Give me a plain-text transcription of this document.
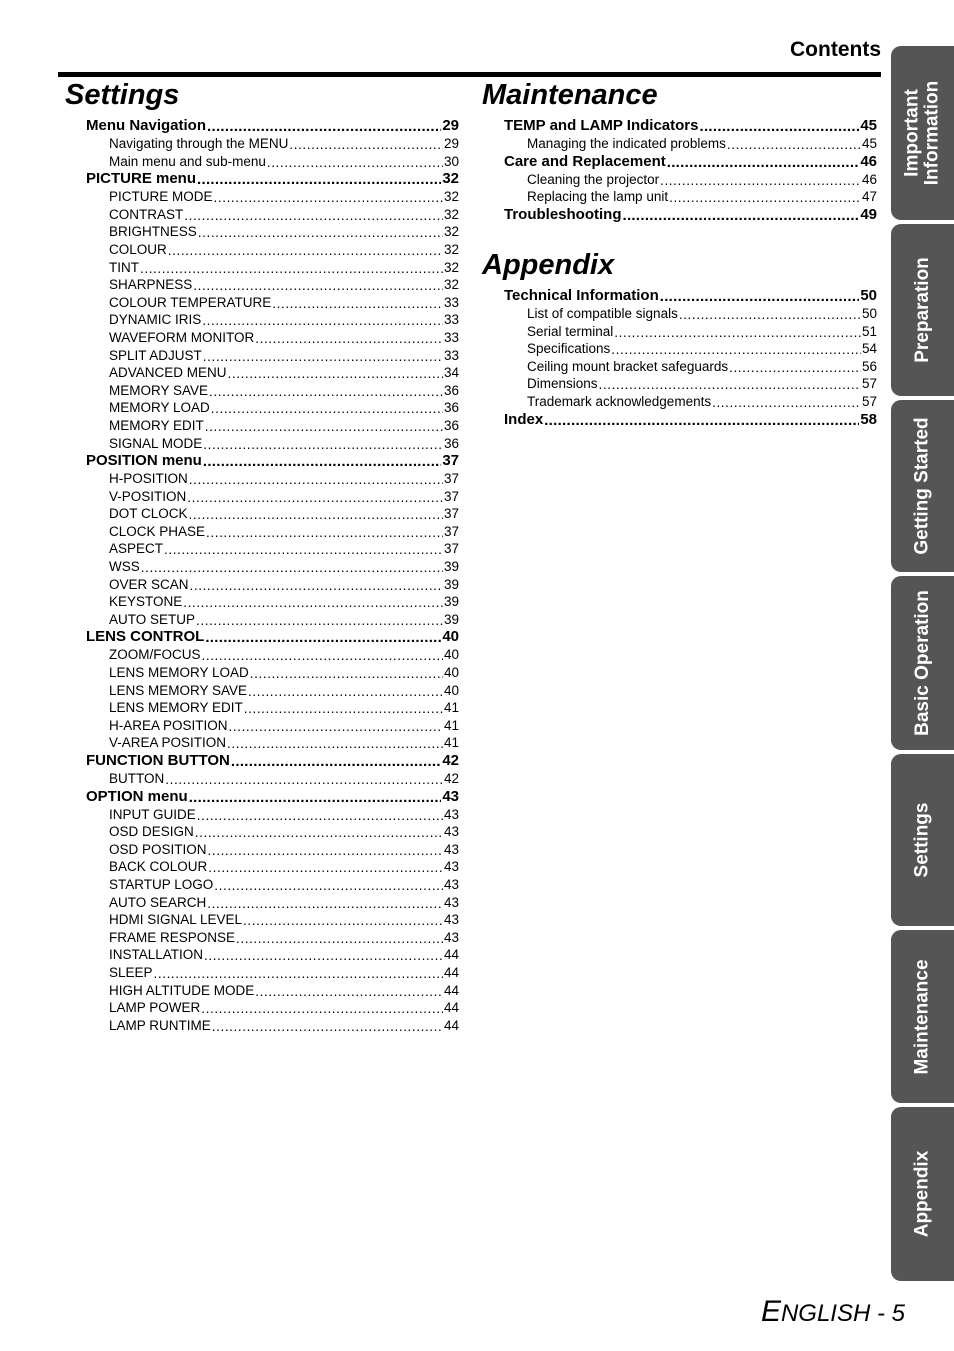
Contents
Settings
Menu Navigation .....	29
Navigating through the MENU .....	29
Main menu and sub-menu .....	30
PICTURE menu .....	32
PICTURE MODE .....	32
CONTRAST .....	32
BRIGHTNESS .....	32
COLOUR .....	32
TINT .....	32
SHARPNESS .....	32
COLOUR TEMPERATURE .....	33
DYNAMIC IRIS .....	33
WAVEFORM MONITOR .....	33
SPLIT ADJUST .....	33
ADVANCED MENU .....	34
MEMORY SAVE .....	36
MEMORY LOAD .....	36
MEMORY EDIT .....	36
SIGNAL MODE .....	36
POSITION menu .....	37
H-POSITION .....	37
V-POSITION .....	37
DOT CLOCK .....	37
CLOCK PHASE .....	37
ASPECT .....	37
WSS .....	39
OVER SCAN .....	39
KEYSTONE .....	39
AUTO SETUP .....	39
LENS CONTROL .....	40
ZOOM/FOCUS .....	40
LENS MEMORY LOAD .....	40
LENS MEMORY SAVE .....	40
LENS MEMORY EDIT .....	41
H-AREA POSITION .....	41
V-AREA POSITION .....	41
FUNCTION BUTTON .....	42
BUTTON .....	42
OPTION menu .....	43
INPUT GUIDE .....	43
OSD DESIGN .....	43
OSD POSITION .....	43
BACK COLOUR .....	43
STARTUP LOGO .....	43
AUTO SEARCH .....	43
HDMI SIGNAL LEVEL .....	43
FRAME RESPONSE .....	43
INSTALLATION .....	44
SLEEP .....	44
HIGH ALTITUDE MODE .....	44
LAMP POWER .....	44
LAMP RUNTIME .....	44
Maintenance
TEMP and LAMP Indicators .....	45
Managing the indicated problems .....	45
Care and Replacement .....	46
Cleaning the projector .....	46
Replacing the lamp unit .....	47
Troubleshooting .....	49
Appendix
Technical Information .....	50
List of compatible signals .....	50
Serial terminal .....	51
Specifications .....	54
Ceiling mount bracket safeguards .....	56
Dimensions .....	57
Trademark acknowledgements .....	57
Index .....	58
Important Information
Preparation
Getting Started
Basic Operation
Settings
Maintenance
Appendix
ENGLISH - 5
